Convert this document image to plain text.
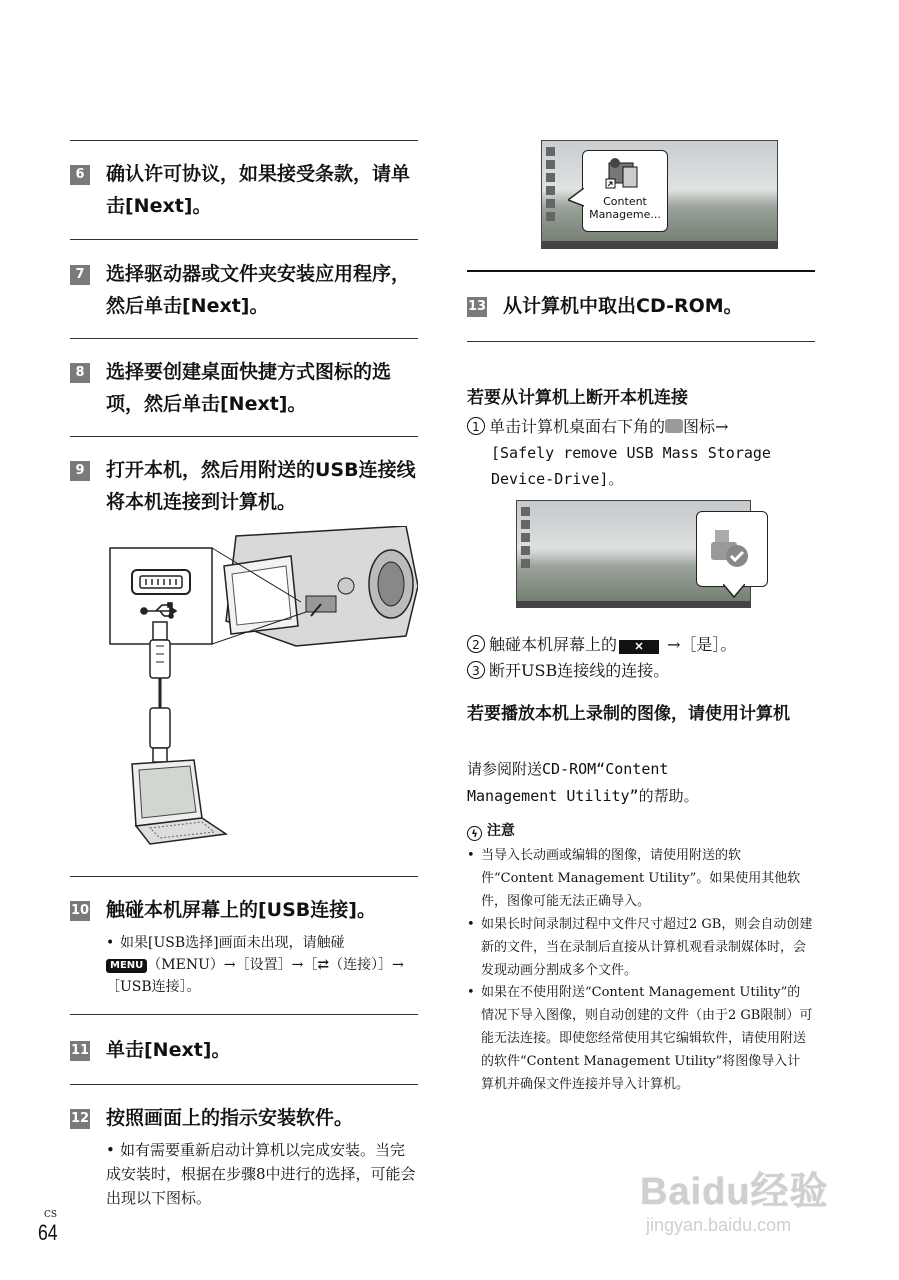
6 确认许可协议，如果接受条款，请单击[Next]。
7 选择驱动器或文件夹安装应用程序，然后单击[Next]。
8 选择要创建桌面快捷方式图标的选项，然后单击[Next]。
9 打开本机，然后用附送的USB连接线将本机连接到计算机。
10 触碰本机屏幕上的[USB连接]。
• 如果[USB选择]画面未出现，请触碰
MENU （MENU）→［设置］→［⇄（连接）］→［USB连接］。
11 单击[Next]。
12 按照画面上的指示安装软件。
• 如有需要重新启动计算机以完成安装。当完成安装时，根据在步骤8中进行的选择，可能会出现以下图标。
CS
64
Content
Manageme...
13 从计算机中取出CD-ROM。
若要从计算机上断开本机连接
1 单击计算机桌面右下角的 图标→
[Safely remove USB Mass Storage Device-Drive]。
2 触碰本机屏幕上的 ✕ →［是］。
3 断开USB连接线的连接。
若要播放本机上录制的图像，请使用计算机
请参阅附送CD-ROM“Content Management Utility”的帮助。
ϟ 注意
• 当导入长动画或编辑的图像，请使用附送的软件“Content Management Utility”。如果使用其他软件，图像可能无法正确导入。
• 如果长时间录制过程中文件尺寸超过2 GB，则会自动创建新的文件，当在录制后直接从计算机观看录制媒体时，会发现动画分割成多个文件。
• 如果在不使用附送“Content Management Utility”的情况下导入图像，则自动创建的文件（由于2 GB限制）可能无法连接。即使您经常使用其它编辑软件，请使用附送的软件“Content Management Utility”将图像导入计算机并确保文件连接并导入计算机。
Baidu经验
jingyan.baidu.com
